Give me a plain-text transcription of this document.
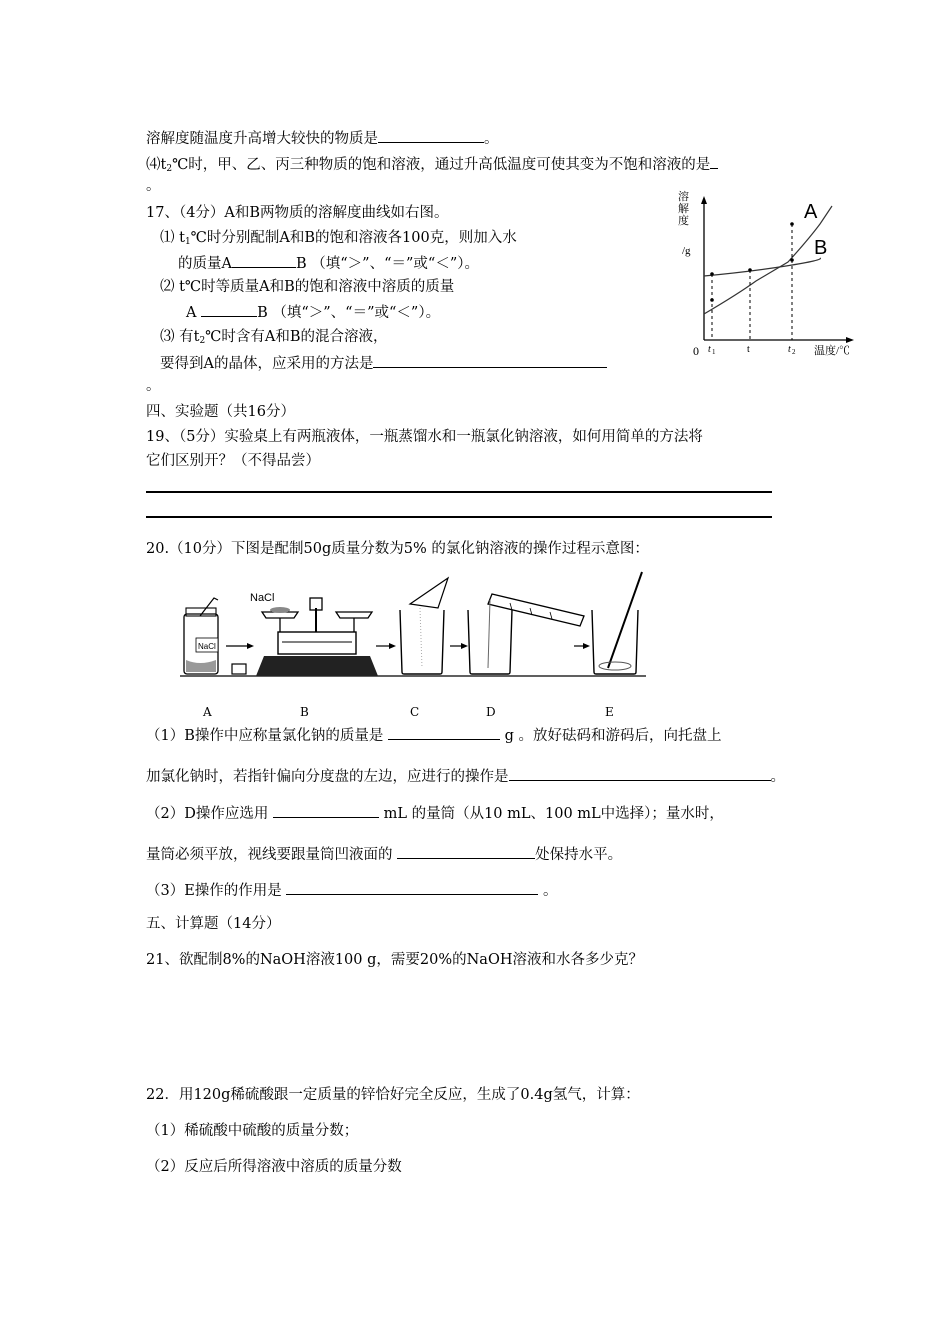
溶解度随温度升高增大较快的物质是	。
$⑷t_2℃$时，甲、乙、丙三种物质的饱和溶液，通过升高低温度可使其变为不饱和溶液的是
。
17、（4分）A和B两物质的溶解度曲线如右图。
⑴ $t_1℃$时分别配制A和B的饱和溶液各100克，则加入水
的质量A	B （填“＞”、“＝”或“＜”）。
⑵ t℃时等质量A和B的饱和溶液中溶质的质量
A	B （填“＞”、“＝”或“＜”）。
⑶ 有$t_2℃$时含有A和B的混合溶液，
要得到A的晶体，应采用的方法是
。
溶
解
度
/g
0 t 1	t	t 2 温度/℃
A
B
四、实验题（共16分）
19、（5分）实验桌上有两瓶液体，一瓶蒸馏水和一瓶氯化钠溶液，如何用简单的方法将
它们区别开？（不得品尝）
20.（10分）下图是配制50g质量分数为5% 的氯化钠溶液的操作过程示意图：
NaCl
NaCl
A	B	C	D	E
（1）B操作中应称量氯化钠的质量是	g 。放好砝码和游码后，向托盘上
加氯化钠时，若指针偏向分度盘的左边，应进行的操作是	。
（2）D操作应选用	mL 的量筒（从10 mL、100 mL中选择）；量水时，
量筒必须平放，视线要跟量筒凹液面的	处保持水平。
（3）E操作的作用是	。
五、计算题（14分）
21、欲配制8%的NaOH溶液100 g，需要20%的NaOH溶液和水各多少克？
22．用120g稀硫酸跟一定质量的锌恰好完全反应，生成了0.4g氢气，计算：
（1）稀硫酸中硫酸的质量分数；
（2）反应后所得溶液中溶质的质量分数
